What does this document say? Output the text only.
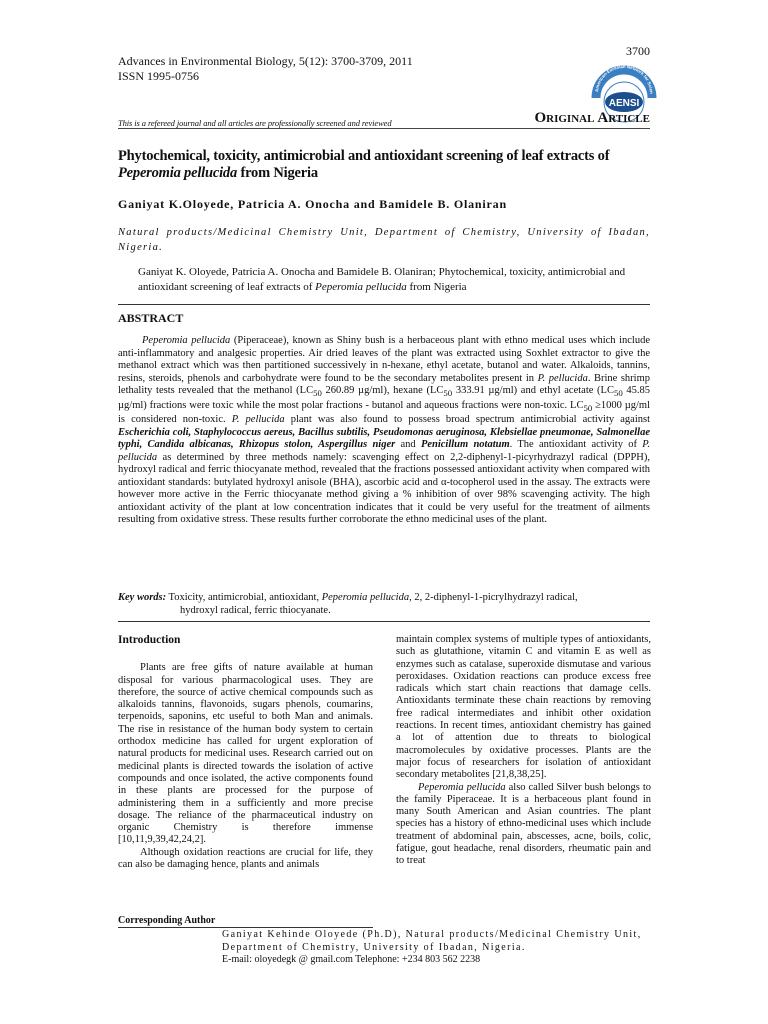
3700
Advances in Environmental Biology, 5(12): 3700-3709, 2011
ISSN 1995-0756
American-Eurasian Network for Scien
AENSI
This is a refereed journal and all articles are professionally screened and reviewed	Original Article
Phytochemical, toxicity, antimicrobial and antioxidant screening of leaf extracts of
Peperomia pellucida from Nigeria
Ganiyat K.Oloyede, Patricia A. Onocha and Bamidele B. Olaniran
Natural products/Medicinal Chemistry Unit, Department of Chemistry, University of Ibadan, Nigeria.
Ganiyat K. Oloyede, Patricia A. Onocha and Bamidele B. Olaniran; Phytochemical, toxicity, antimicrobial and antioxidant screening of leaf extracts of Peperomia pellucida from Nigeria
ABSTRACT

Peperomia pellucida (Piperaceae), known as Shiny bush is a herbaceous plant with ethno medical uses which include anti-inflammatory and analgesic properties. Air dried leaves of the plant was extracted using Soxhlet extractor to give the methanol extract which was then partitioned successively in n-hexane, ethyl acetate, butanol and water. Alkaloids, tannins, resins, steroids, phenols and carbohydrate were found to be the secondary metabolites present in P. pellucida. Brine shrimp lethality tests revealed that the methanol ($LC_{50}$ 260.89 µg/ml), hexane ($LC_{50}$ 333.91 µg/ml) and ethyl acetate ($LC_{50}$ 45.85 µg/ml) fractions were toxic while the most polar fractions - butanol and aqueous fractions were non-toxic. $LC_{50} \ge 1000$ µg/ml is considered non-toxic. P. pellucida plant was also found to possess broad spectrum antimicrobial activity against Escherichia coli, Staphylococcus aereus, Bacillus subtilis, Pseudomonas aeruginosa, Klebsiellae pneumonae, Salmonellae typhi, Candida albicanas, Rhizopus stolon, Aspergillus niger and Penicillum notatum. The antioxidant activity of P. pellucida as determined by three methods namely: scavenging effect on 2,2-diphenyl-1-picyrhydrazyl radical (DPPH), hydroxyl radical and ferric thiocyanate method, revealed that the fractions possessed antioxidant activity when compared with antioxidant standards: butylated hydroxyl anisole (BHA), ascorbic acid and α-tocopherol used in the assay. The extracts were however more active in the Ferric thiocyanate method giving a % inhibition of over 98% scavenging activity. The high antioxidant activity of the plant at low concentration indicates that it could be very useful for the treatment of ailments resulting from oxidative stress. These results further corroborate the ethno medicinal uses of the plant.

Key words: Toxicity, antimicrobial, antioxidant, Peperomia pellucida, 2, 2-diphenyl-1-picrylhydrazyl radical,
hydroxyl radical, ferric thiocyanate.
Introduction

Plants are free gifts of nature available at human disposal for various pharmacological uses. They are therefore, the source of active chemical compounds such as alkaloids tannins, flavonoids, sugars phenols, coumarins, terpenoids, saponins, etc useful to both Man and animals. The rise in resistance of the human body system to certain orthodox medicine has called for urgent exploration of natural products for medicinal uses. Research carried out on medicinal plants is directed towards the isolation of active compounds and once isolated, the active components found in these plants are processed for the purpose of administering them in a sufficiently and more precise dosage. The reliance of the pharmaceutical industry on organic Chemistry is therefore immense [10,11,9,39,42,24,2].

Although oxidation reactions are crucial for life, they can also be damaging hence, plants and animals

maintain complex systems of multiple types of antioxidants, such as glutathione, vitamin C and vitamin E as well as enzymes such as catalase, superoxide dismutase and various peroxidases. Oxidation reactions can produce excess free radicals which start chain reactions that damage cells. Antioxidants terminate these chain reactions by removing free radical intermediates and inhibit other oxidation reactions. In recent times, antioxidant chemistry has gained a lot of attention due to threats to biological macromolecules by oxidative processes. Plants are the major focus of researchers for isolation of antioxidant secondary metabolites [21,8,38,25].

Peperomia pellucida also called Silver bush belongs to the family Piperaceae. It is a herbaceous plant found in many South American and Asian countries. The plant species has a history of ethno-medicinal uses which include treatment of abdominal pain, abscesses, acne, boils, colic, fatigue, gout headache, renal disorders, rheumatic pain and to treat

Corresponding Author
Ganiyat Kehinde Oloyede (Ph.D), Natural products/Medicinal Chemistry Unit,
Department of Chemistry, University of Ibadan, Nigeria.
E-mail: oloyedegk @ gmail.com Telephone: +234 803 562 2238
